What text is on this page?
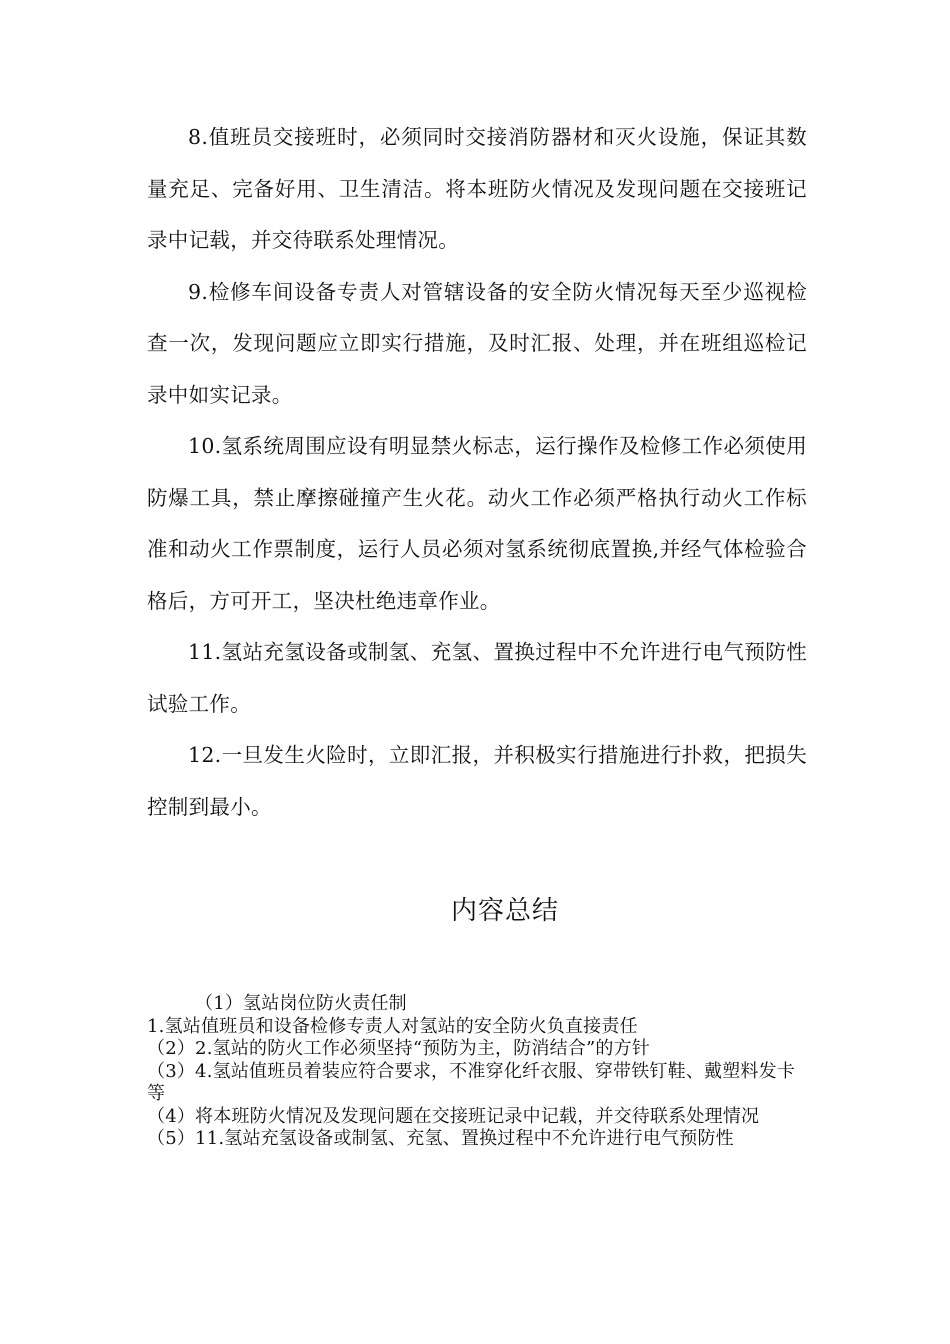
8.值班员交接班时，必须同时交接消防器材和灭火设施，保证其数量充足、完备好用、卫生清洁。将本班防火情况及发现问题在交接班记录中记载，并交待联系处理情况。

9.检修车间设备专责人对管辖设备的安全防火情况每天至少巡视检查一次，发现问题应立即实行措施，及时汇报、处理，并在班组巡检记录中如实记录。

10.氢系统周围应设有明显禁火标志，运行操作及检修工作必须使用防爆工具，禁止摩擦碰撞产生火花。动火工作必须严格执行动火工作标准和动火工作票制度，运行人员必须对氢系统彻底置换,并经气体检验合格后，方可开工，坚决杜绝违章作业。

11.氢站充氢设备或制氢、充氢、置换过程中不允许进行电气预防性试验工作。

12.一旦发生火险时，立即汇报，并积极实行措施进行扑救，把损失控制到最小。

内容总结

（1）氢站岗位防火责任制

1.氢站值班员和设备检修专责人对氢站的安全防火负直接责任

（2）2.氢站的防火工作必须坚持“预防为主，防消结合”的方针

（3）4.氢站值班员着装应符合要求，不准穿化纤衣服、穿带铁钉鞋、戴塑料发卡等

（4）将本班防火情况及发现问题在交接班记录中记载，并交待联系处理情况

（5）11.氢站充氢设备或制氢、充氢、置换过程中不允许进行电气预防性
